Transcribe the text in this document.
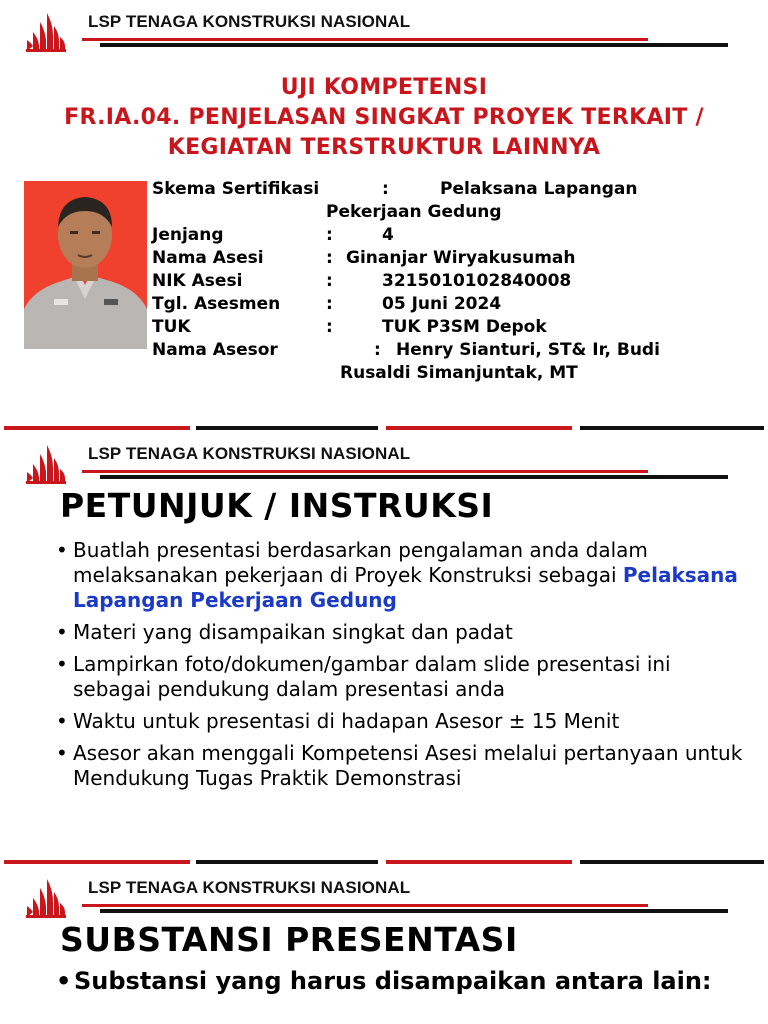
LSP TENAGA KONSTRUKSI NASIONAL
UJI KOMPETENSI
FR.IA.04. PENJELASAN SINGKAT PROYEK TERKAIT /
KEGIATAN TERSTRUKTUR LAINNYA
Skema Sertifikasi	:	Pelaksana Lapangan
Pekerjaan Gedung
Jenjang	:	4
Nama Asesi	: Ginanjar Wiryakusumah
NIK Asesi	:	3215010102840008
Tgl. Asesmen	:	05 Juni 2024
TUK	:	TUK P3SM Depok
Nama Asesor	: Henry Sianturi, ST& Ir, Budi
Rusaldi Simanjuntak, MT
LSP TENAGA KONSTRUKSI NASIONAL
PETUNJUK / INSTRUKSI
• Buatlah presentasi berdasarkan pengalaman anda dalam melaksanakan pekerjaan di Proyek Konstruksi sebagai Pelaksana Lapangan Pekerjaan Gedung
• Materi yang disampaikan singkat dan padat
• Lampirkan foto/dokumen/gambar dalam slide presentasi ini sebagai pendukung dalam presentasi anda
• Waktu untuk presentasi di hadapan Asesor ± 15 Menit
• Asesor akan menggali Kompetensi Asesi melalui pertanyaan untuk Mendukung Tugas Praktik Demonstrasi
LSP TENAGA KONSTRUKSI NASIONAL
SUBSTANSI PRESENTASI
• Substansi yang harus disampaikan antara lain:
